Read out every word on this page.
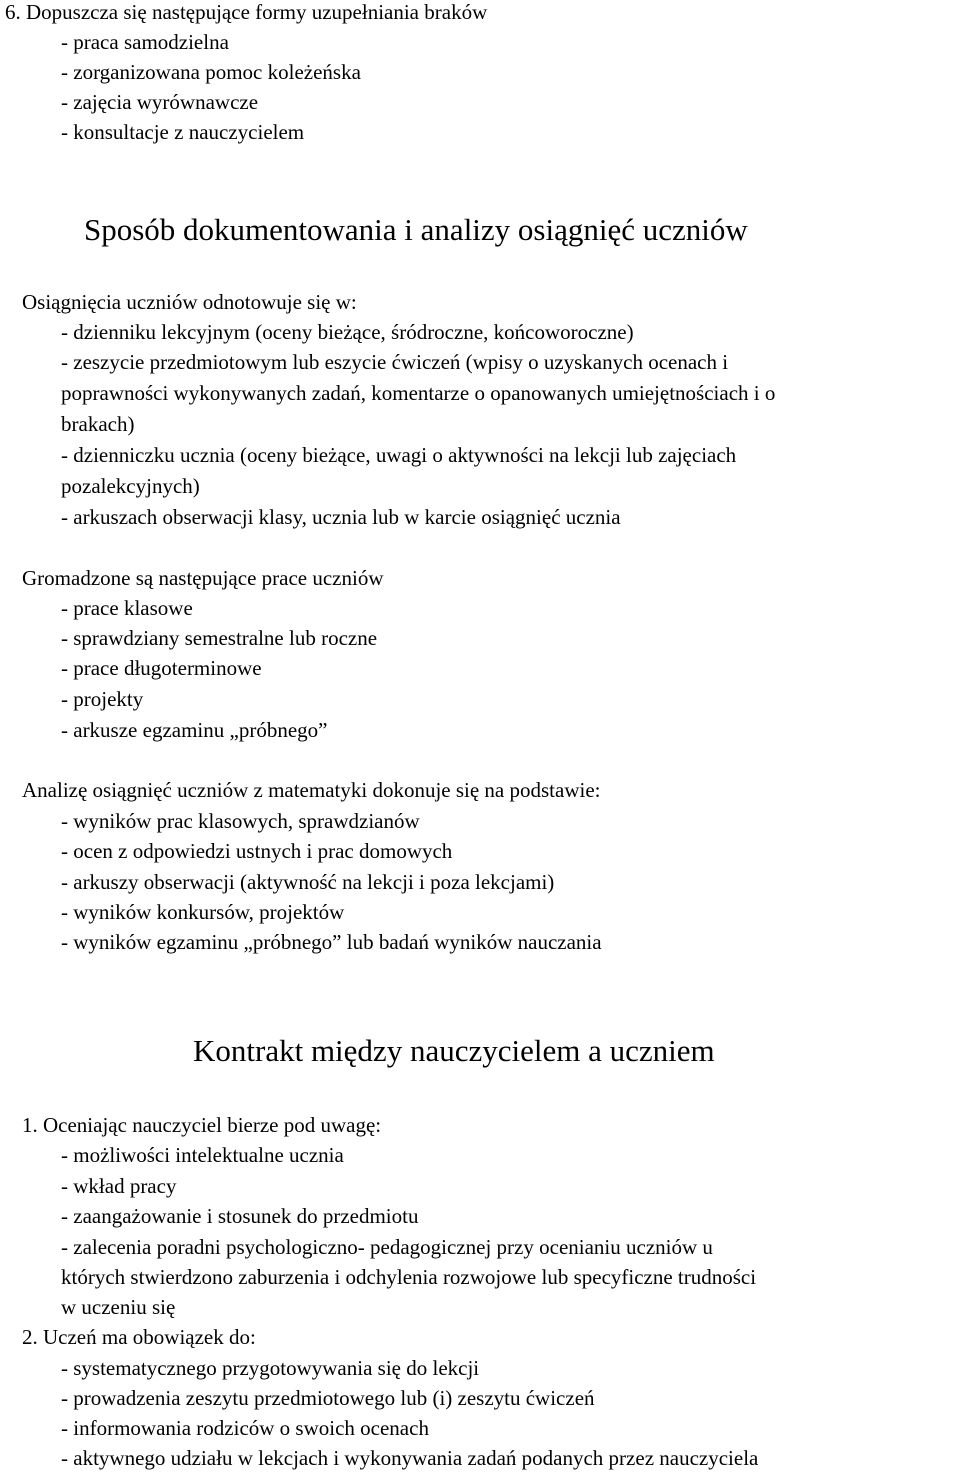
6. Dopuszcza się następujące formy uzupełniania braków
- praca samodzielna
- zorganizowana pomoc koleżeńska
- zajęcia wyrównawcze
- konsultacje z nauczycielem
Sposób dokumentowania i analizy osiągnięć uczniów
Osiągnięcia uczniów odnotowuje się w:
- dzienniku lekcyjnym (oceny bieżące, śródroczne, końcoworoczne)
- zeszycie przedmiotowym lub eszycie ćwiczeń (wpisy o uzyskanych ocenach i
poprawności wykonywanych zadań, komentarze o opanowanych umiejętnościach i o
brakach)
- dzienniczku ucznia (oceny bieżące, uwagi o aktywności na lekcji lub zajęciach
pozalekcyjnych)
- arkuszach obserwacji klasy, ucznia lub w karcie osiągnięć ucznia
Gromadzone są następujące prace uczniów
- prace klasowe
- sprawdziany semestralne lub roczne
- prace długoterminowe
- projekty
- arkusze egzaminu „próbnego”
Analizę osiągnięć uczniów z matematyki dokonuje się na podstawie:
- wyników prac klasowych, sprawdzianów
- ocen z odpowiedzi ustnych i prac domowych
- arkuszy obserwacji (aktywność na lekcji i poza lekcjami)
- wyników konkursów, projektów
- wyników egzaminu „próbnego” lub badań wyników nauczania
Kontrakt między nauczycielem a uczniem
1. Oceniając nauczyciel bierze pod uwagę:
- możliwości intelektualne ucznia
- wkład pracy
- zaangażowanie i stosunek do przedmiotu
- zalecenia poradni psychologiczno- pedagogicznej przy ocenianiu uczniów u
których stwierdzono zaburzenia i odchylenia rozwojowe lub specyficzne trudności
w uczeniu się
2. Uczeń ma obowiązek do:
- systematycznego przygotowywania się do lekcji
- prowadzenia zeszytu przedmiotowego lub (i) zeszytu ćwiczeń
- informowania rodziców o swoich ocenach
- aktywnego udziału w lekcjach i wykonywania zadań podanych przez nauczyciela
